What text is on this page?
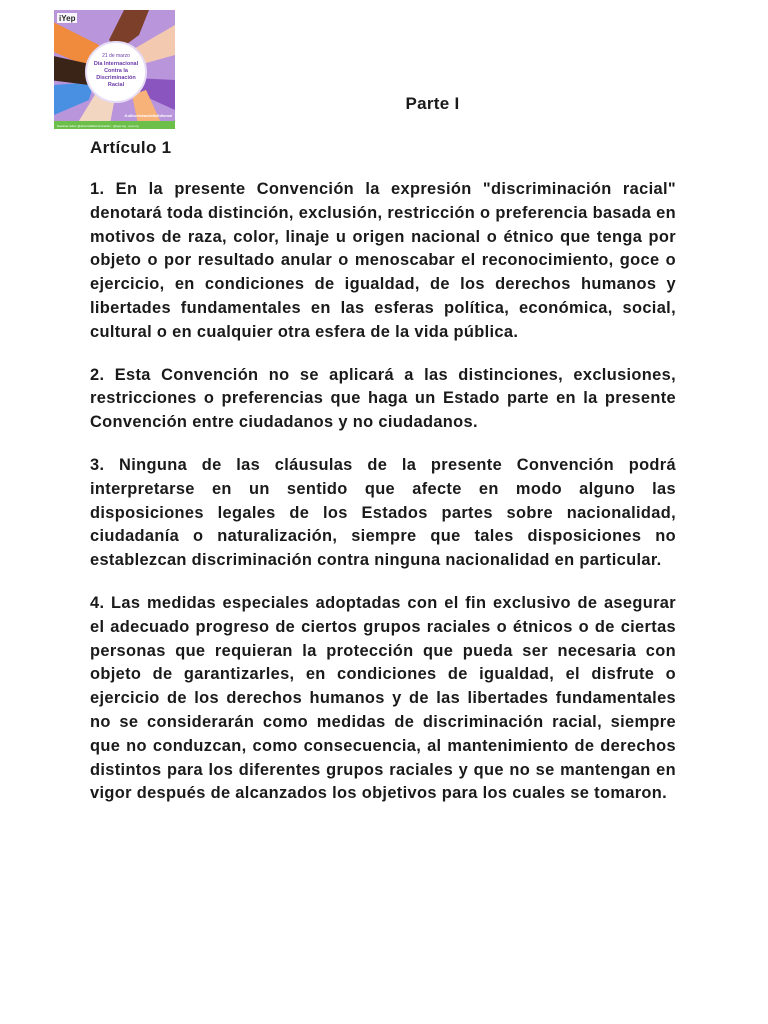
iYep
21 de marzo
Día Internacional
Contra la
Discriminación
Racial
#LaDiscriminaciónNoEsNormal
Nuestras redes: @dicontrolaDiscriminación · @iyep.org · iyep.org
Parte I
Artículo 1

1. En la presente Convención la expresión "discriminación racial" denotará toda distinción, exclusión, restricción o preferencia basada en motivos de raza, color, linaje u origen nacional o étnico que tenga por objeto o por resultado anular o menoscabar el reconocimiento, goce o ejercicio, en condiciones de igualdad, de los derechos humanos y libertades fundamentales en las esferas política, económica, social, cultural o en cualquier otra esfera de la vida pública.

2. Esta Convención no se aplicará a las distinciones, exclusiones, restricciones o preferencias que haga un Estado parte en la presente Convención entre ciudadanos y no ciudadanos.

3. Ninguna de las cláusulas de la presente Convención podrá interpretarse en un sentido que afecte en modo alguno las disposiciones legales de los Estados partes sobre nacionalidad, ciudadanía o naturalización, siempre que tales disposiciones no establezcan discriminación contra ninguna nacionalidad en particular.

4. Las medidas especiales adoptadas con el fin exclusivo de asegurar el adecuado progreso de ciertos grupos raciales o étnicos o de ciertas personas que requieran la protección que pueda ser necesaria con objeto de garantizarles, en condiciones de igualdad, el disfrute o ejercicio de los derechos humanos y de las libertades fundamentales no se considerarán como medidas de discriminación racial, siempre que no conduzcan, como consecuencia, al mantenimiento de derechos distintos para los diferentes grupos raciales y que no se mantengan en vigor después de alcanzados los objetivos para los cuales se tomaron.
